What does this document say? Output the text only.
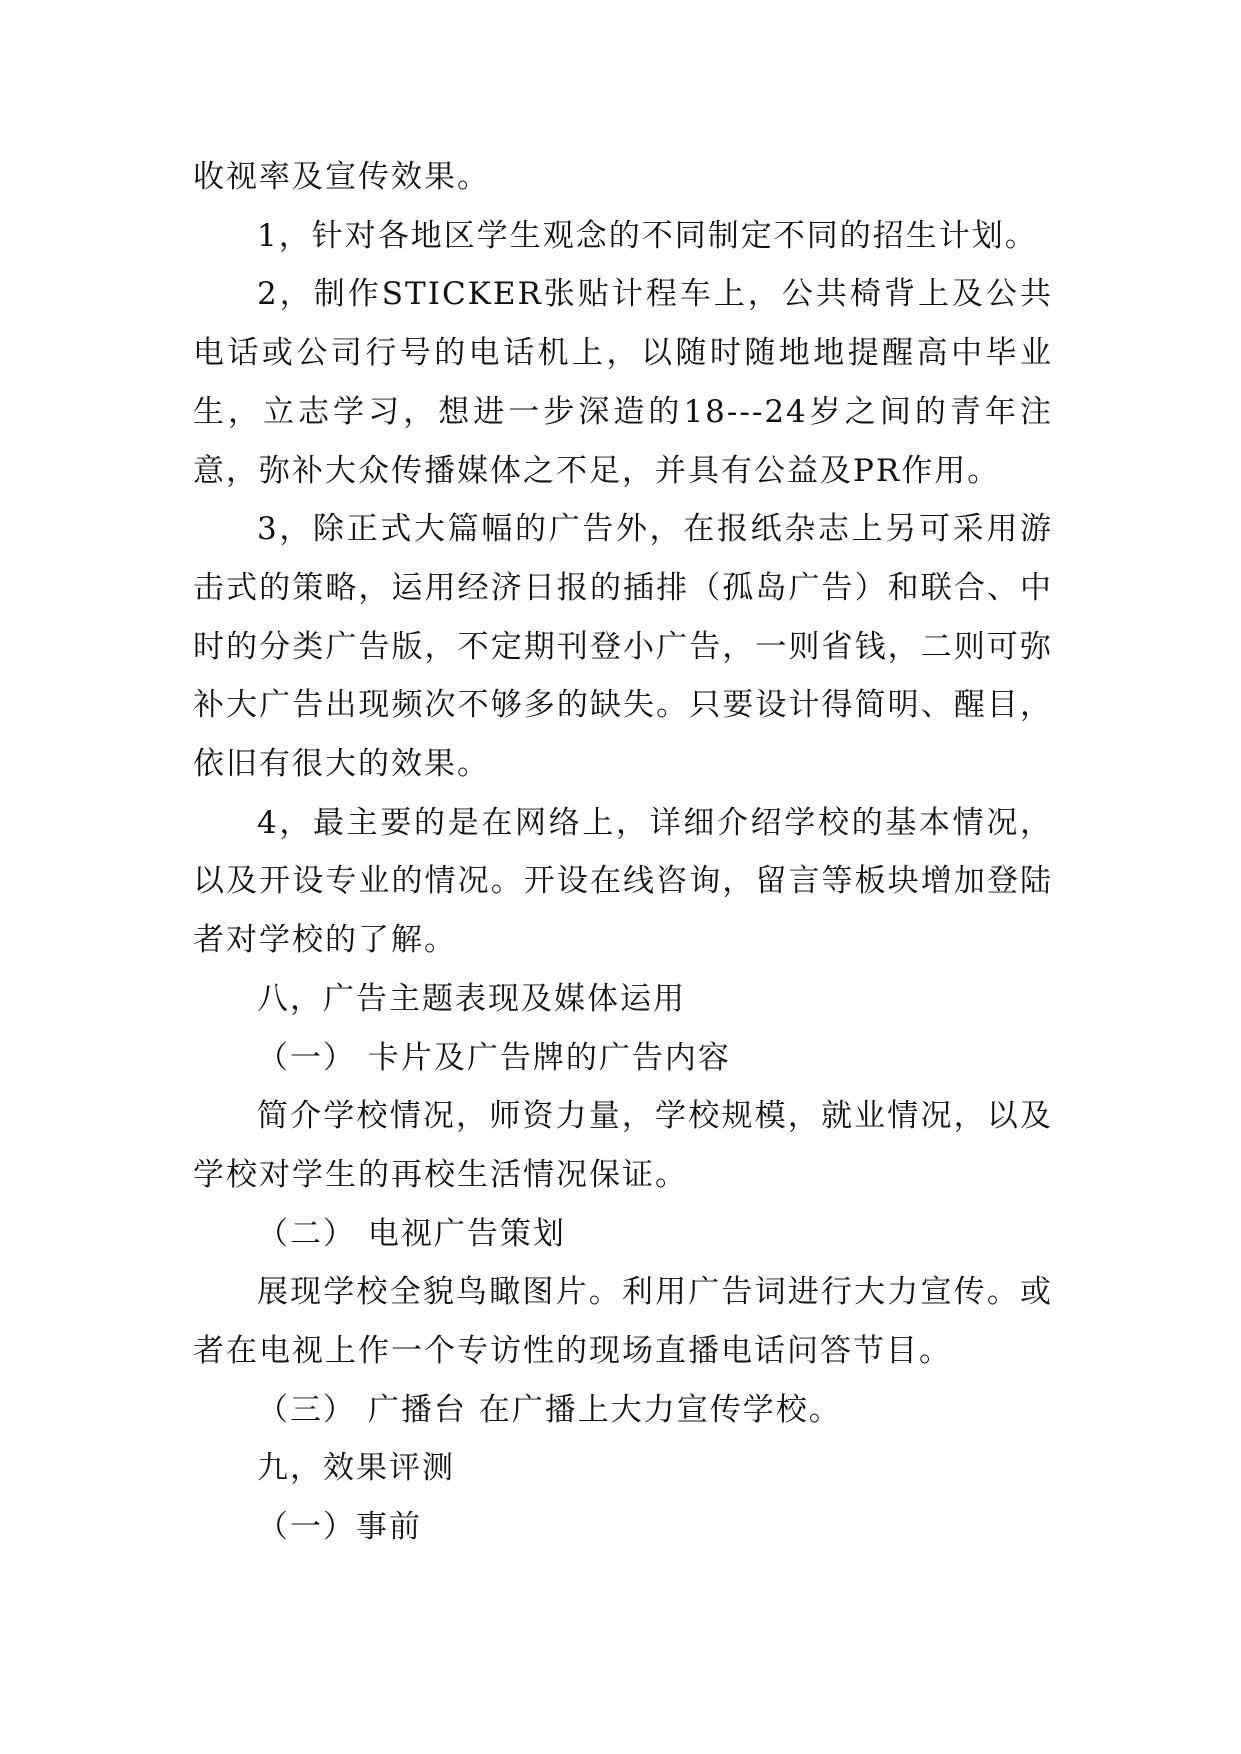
收视率及宣传效果。

1，针对各地区学生观念的不同制定不同的招生计划。

2，制作STICKER张贴计程车上，公共椅背上及公共电话或公司行号的电话机上，以随时随地地提醒高中毕业生，立志学习，想进一步深造的18---24岁之间的青年注意，弥补大众传播媒体之不足，并具有公益及PR作用。

3，除正式大篇幅的广告外，在报纸杂志上另可采用游击式的策略，运用经济日报的插排（孤岛广告）和联合、中时的分类广告版，不定期刊登小广告，一则省钱，二则可弥补大广告出现频次不够多的缺失。只要设计得简明、醒目，依旧有很大的效果。

4，最主要的是在网络上，详细介绍学校的基本情况，以及开设专业的情况。开设在线咨询，留言等板块增加登陆者对学校的了解。

八，广告主题表现及媒体运用

（一） 卡片及广告牌的广告内容

简介学校情况，师资力量，学校规模，就业情况，以及学校对学生的再校生活情况保证。

（二） 电视广告策划

展现学校全貌鸟瞰图片。利用广告词进行大力宣传。或者在电视上作一个专访性的现场直播电话问答节目。

（三） 广播台 在广播上大力宣传学校。

九，效果评测

（一）事前
